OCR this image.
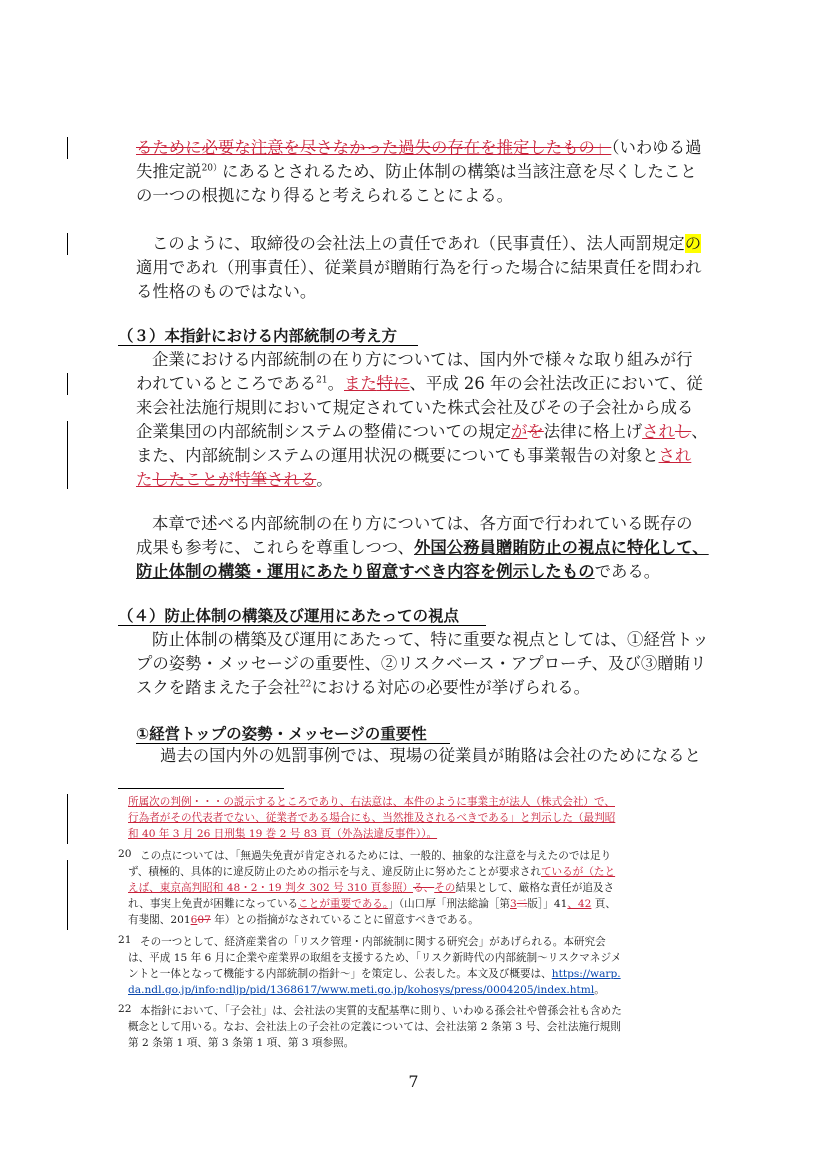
るために必要な注意を尽さなかった過失の存在を推定したもの」（いわゆる過
失推定説$^{20)}$にあるとされるため、防止体制の構築は当該注意を尽くしたこと
の一つの根拠になり得ると考えられることによる。
このように、取締役の会社法上の責任であれ（民事責任）、法人両罰規定の
適用であれ（刑事責任）、従業員が贈賄行為を行った場合に結果責任を問われ
る性格のものではない。
（３）本指針における内部統制の考え方
企業における内部統制の在り方については、国内外で様々な取り組みが行
われているところである$^{21}$。また特に、平成 26 年の会社法改正において、従
来会社法施行規則において規定されていた株式会社及びその子会社から成る
企業集団の内部統制システムの整備についての規定がを法律に格上げされし、
また、内部統制システムの運用状況の概要についても事業報告の対象とされ
たしたことが特筆される。
本章で述べる内部統制の在り方については、各方面で行われている既存の
成果も参考に、これらを尊重しつつ、外国公務員贈賄防止の視点に特化して、
防止体制の構築・運用にあたり留意すべき内容を例示したものである。
（４）防止体制の構築及び運用にあたっての視点
防止体制の構築及び運用にあたって、特に重要な視点としては、①経営トッ
プの姿勢・メッセージの重要性、②リスクベース・アプローチ、及び③贈賄リ
スクを踏まえた子会社$^{22}$における対応の必要性が挙げられる。
①経営トップの姿勢・メッセージの重要性
過去の国内外の処罰事例では、現場の従業員が賄賂は会社のためになると
所属次の判例・・・の説示するところであり、右法意は、本件のように事業主が法人（株式会社）で、
行為者がその代表者でない、従業者である場合にも、当然推及されるべきである」と判示した（最判昭
和 40 年 3 月 26 日刑集 19 巻 2 号 83 頁（外為法違反事件））。
20 この点については、「無過失免責が肯定されるためには、一般的、抽象的な注意を与えたのでは足り
ず、積極的、具体的に違反防止のための指示を与え、違反防止に努めたことが要求されているが（たと
えば、東京高判昭和 48・2・19 判タ 302 号 310 頁参照）る、その結果として、厳格な責任が追及さ
れ、事実上免責が困難になっていることが重要である。」（山口厚「刑法総論［第3二版］」41、42 頁、
有斐閣、201607 年）との指摘がなされていることに留意すべきである。
21 その一つとして、経済産業省の「リスク管理・内部統制に関する研究会」があげられる。本研究会
は、平成 15 年 6 月に企業や産業界の取組を支援するため、「リスク新時代の内部統制～リスクマネジメ
ントと一体となって機能する内部統制の指針～」を策定し、公表した。本文及び概要は、https://warp.
da.ndl.go.jp/info:ndljp/pid/1368617/www.meti.go.jp/kohosys/press/0004205/index.html。
22 本指針において、「子会社」は、会社法の実質的支配基準に則り、いわゆる孫会社や曾孫会社も含めた
概念として用いる。なお、会社法上の子会社の定義については、会社法第 2 条第 3 号、会社法施行規則
第 2 条第 1 項、第 3 条第 1 項、第 3 項参照。
7
